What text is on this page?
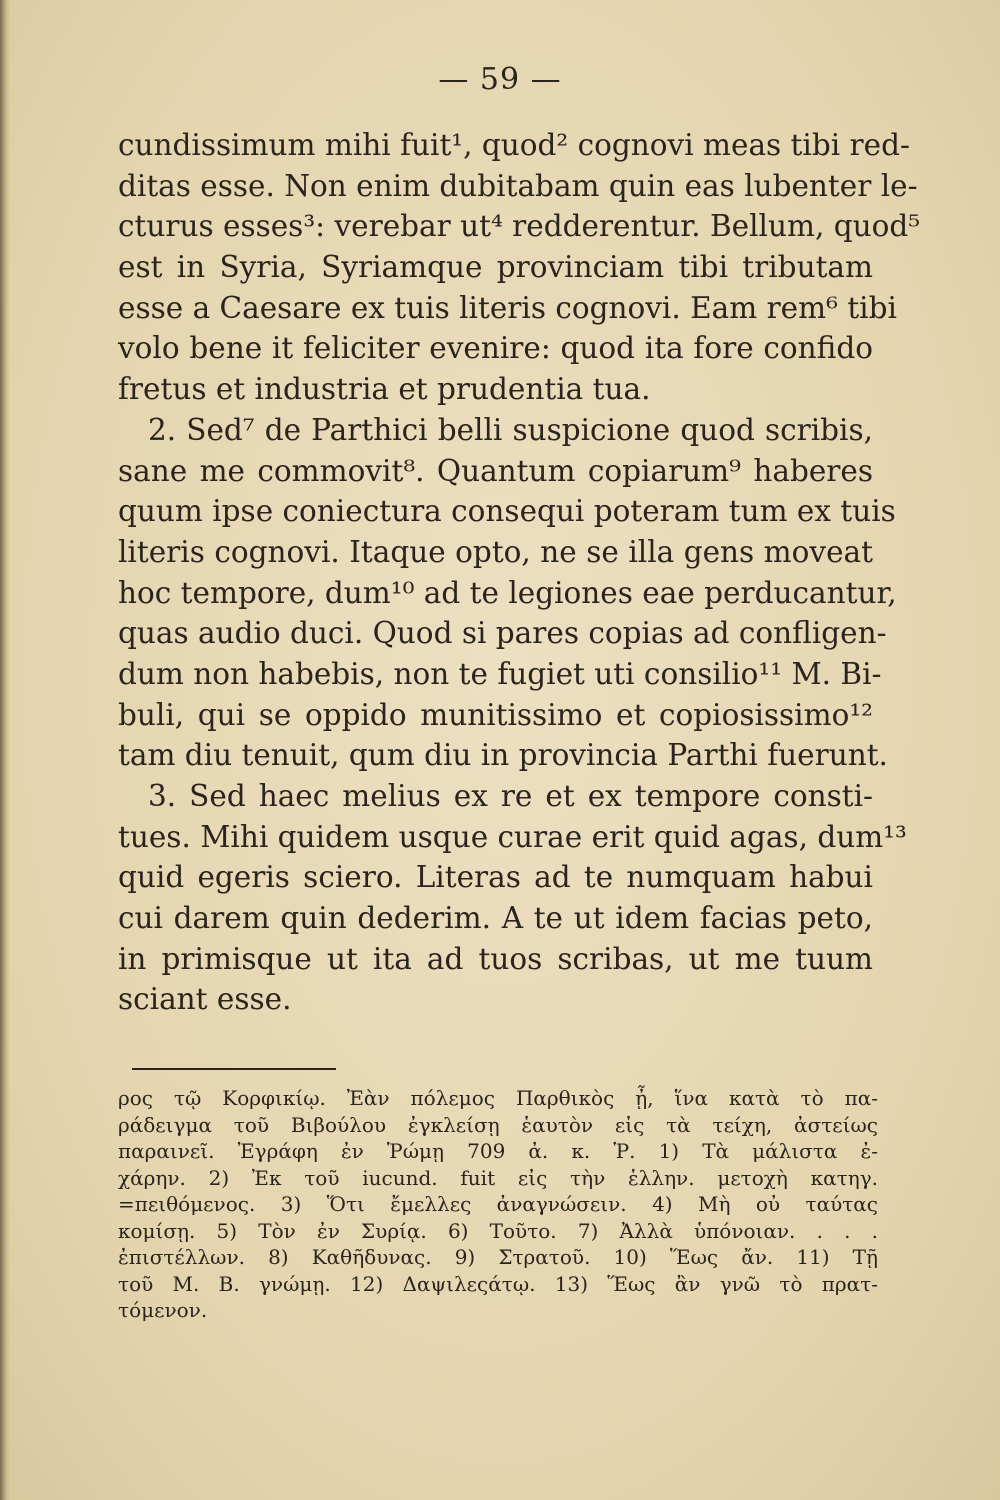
— 59 —
cundissimum mihi fuit¹, quod² cognovi meas tibi red-
ditas esse. Non enim dubitabam quin eas lubenter le-
cturus esses³: verebar ut⁴ redderentur. Bellum, quod⁵
est in Syria, Syriamque provinciam tibi tributam
esse a Caesare ex tuis literis cognovi. Eam rem⁶ tibi
volo bene it feliciter evenire: quod ita fore confido
fretus et industria et prudentia tua.
2. Sed⁷ de Parthici belli suspicione quod scribis,
sane me commovit⁸. Quantum copiarum⁹ haberes
quum ipse coniectura consequi poteram tum ex tuis
literis cognovi. Itaque opto, ne se illa gens moveat
hoc tempore, dum¹⁰ ad te legiones eae perducantur,
quas audio duci. Quod si pares copias ad confligen-
dum non habebis, non te fugiet uti consilio¹¹ M. Bi-
buli, qui se oppido munitissimo et copiosissimo¹²
tam diu tenuit, qum diu in provincia Parthi fuerunt.
3. Sed haec melius ex re et ex tempore consti-
tues. Mihi quidem usque curae erit quid agas, dum¹³
quid egeris sciero. Literas ad te numquam habui
cui darem quin dederim. A te ut idem facias peto,
in primisque ut ita ad tuos scribas, ut me tuum
sciant esse.
ρος τῷ Κορφικίῳ. Ἐὰν πόλεμος Παρθικὸς ᾖ, ἵνα κατὰ τὸ πα-
ράδειγμα τοῦ Βιβούλου ἐγκλείσῃ ἑαυτὸν εἰς τὰ τείχη, ἀστείως
παραινεῖ. Ἐγράφη ἐν Ῥώμῃ 709 ἀ. κ. Ῥ. 1) Τὰ μάλιστα ἐ-
χάρην. 2) Ἐκ τοῦ iucund. fuit εἰς τὴν ἑλλην. μετοχὴ κατηγ.
=πειθόμενος. 3) Ὅτι ἔμελλες ἀναγνώσειν. 4) Μὴ οὐ ταύτας
κομίσῃ. 5) Τὸν ἐν Συρίᾳ. 6) Τοῦτο. 7) Ἀλλὰ ὑπόνοιαν. . . .
ἐπιστέλλων. 8) Καθῆδυνας. 9) Στρατοῦ. 10) Ἕως ἄν. 11) Τῇ
τοῦ M. B. γνώμῃ. 12) Δαψιλεςάτῳ. 13) Ἕως ἂν γνῶ τὸ πρατ-
τόμενον.
